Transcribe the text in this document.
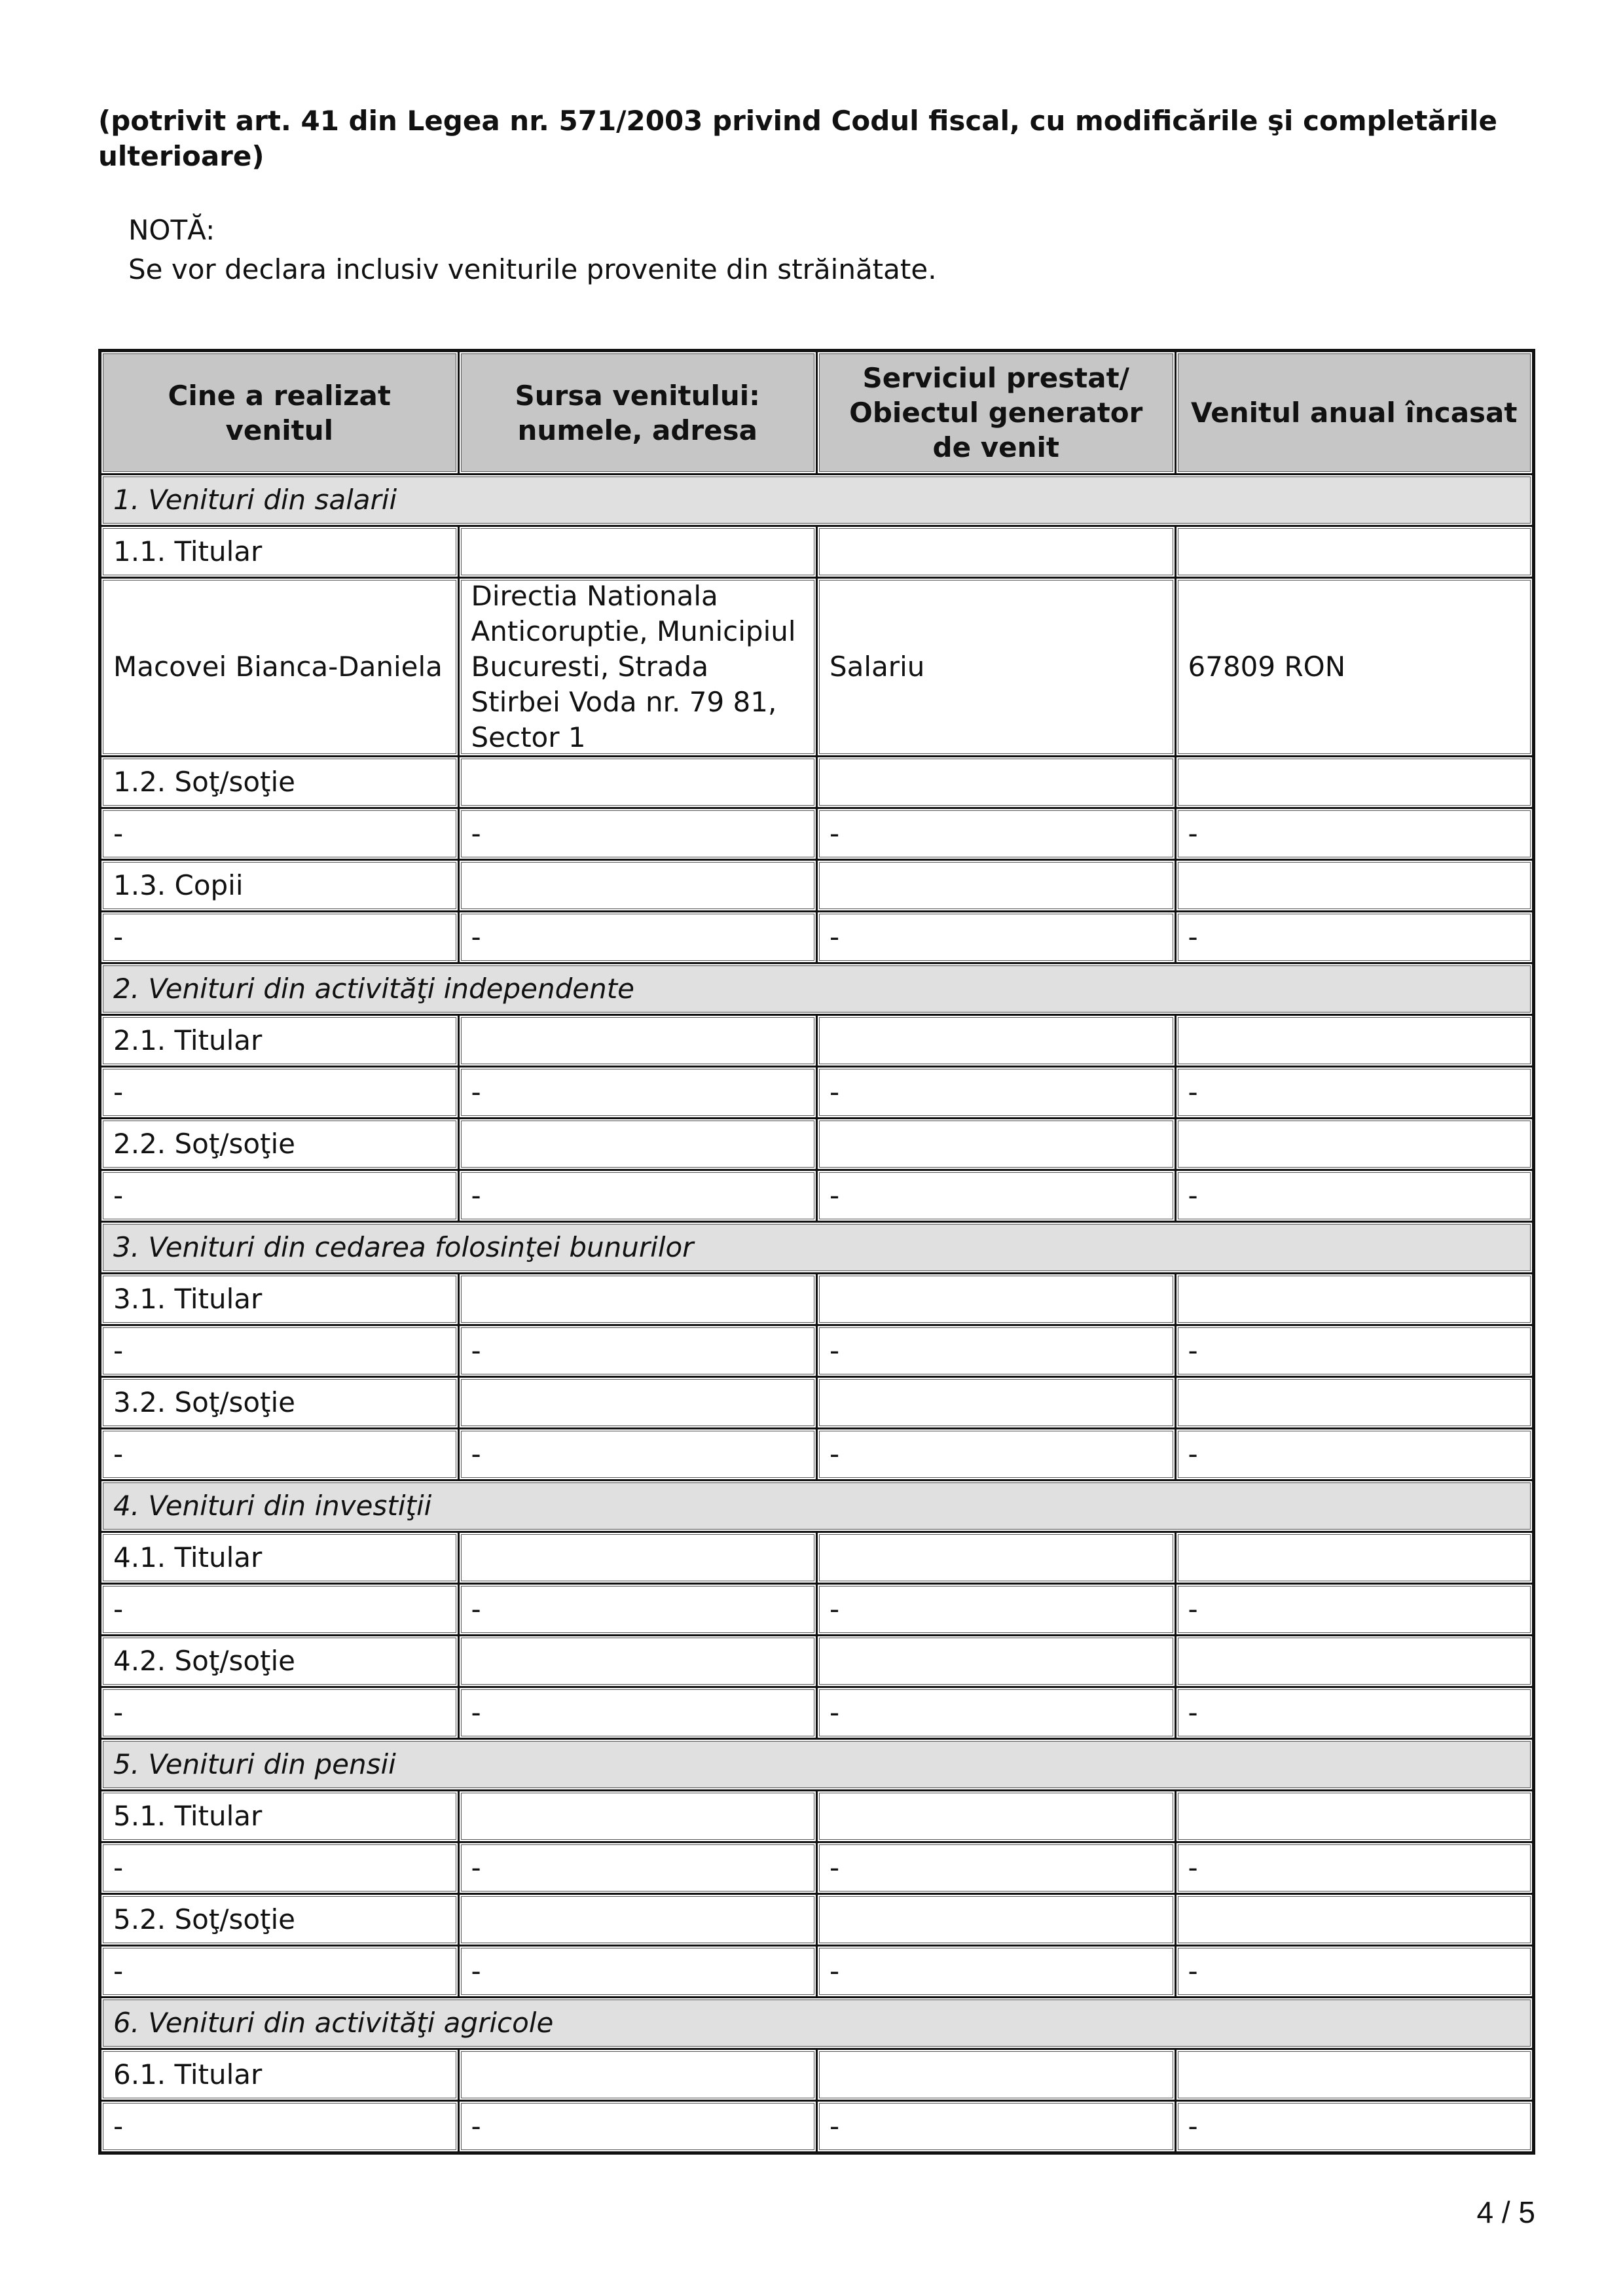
(potrivit art. 41 din Legea nr. 571/2003 privind Codul fiscal, cu modificările şi completările ulterioare)

NOTĂ:
Se vor declara inclusiv veniturile provenite din străinătate.
Cine a realizat venitul	Sursa venitului: numele, adresa	Serviciul prestat/ Obiectul generator de venit	Venitul anual încasat
1. Venituri din salarii			
1.1. Titular			
Macovei Bianca-Daniela	Directia Nationala Anticoruptie, Municipiul Bucuresti, Strada Stirbei Voda nr. 79 81, Sector 1	Salariu	67809 RON
1.2. Soţ/soţie			
-	-	-	-
1.3. Copii			
-	-	-	-
2. Venituri din activităţi independente			
2.1. Titular			
-	-	-	-
2.2. Soţ/soţie			
-	-	-	-
3. Venituri din cedarea folosinţei bunurilor			
3.1. Titular			
-	-	-	-
3.2. Soţ/soţie			
-	-	-	-
4. Venituri din investiţii			
4.1. Titular			
-	-	-	-
4.2. Soţ/soţie			
-	-	-	-
5. Venituri din pensii			
5.1. Titular			
-	-	-	-
5.2. Soţ/soţie			
-	-	-	-
6. Venituri din activităţi agricole			
6.1. Titular			
-	-	-	-
4 / 5
